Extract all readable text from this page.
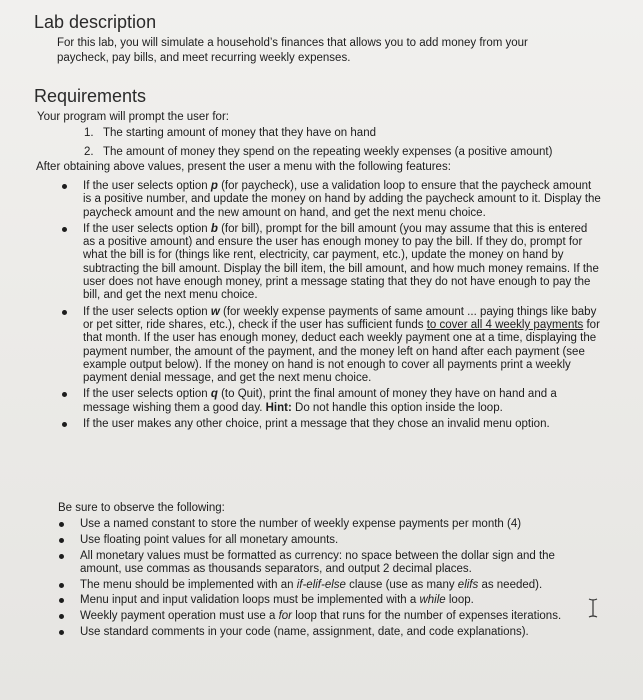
Lab description
For this lab, you will simulate a household’s finances that allows you to add money from your paycheck, pay bills, and meet recurring weekly expenses.
Requirements
Your program will prompt the user for:
1. The starting amount of money that they have on hand
2. The amount of money they spend on the repeating weekly expenses (a positive amount)
After obtaining above values, present the user a menu with the following features:
If the user selects option p (for paycheck), use a validation loop to ensure that the paycheck amount is a positive number, and update the money on hand by adding the paycheck amount to it. Display the paycheck amount and the new amount on hand, and get the next menu choice.
If the user selects option b (for bill), prompt for the bill amount (you may assume that this is entered as a positive amount) and ensure the user has enough money to pay the bill. If they do, prompt for what the bill is for (things like rent, electricity, car payment, etc.), update the money on hand by subtracting the bill amount. Display the bill item, the bill amount, and how much money remains. If the user does not have enough money, print a message stating that they do not have enough to pay the bill, and get the next menu choice.
If the user selects option w (for weekly expense payments of same amount ... paying things like baby or pet sitter, ride shares, etc.), check if the user has sufficient funds to cover all 4 weekly payments for that month. If the user has enough money, deduct each weekly payment one at a time, displaying the payment number, the amount of the payment, and the money left on hand after each payment (see example output below). If the money on hand is not enough to cover all payments print a weekly payment denial message, and get the next menu choice.
If the user selects option q (to Quit), print the final amount of money they have on hand and a message wishing them a good day. Hint: Do not handle this option inside the loop.
If the user makes any other choice, print a message that they chose an invalid menu option.
Be sure to observe the following:
Use a named constant to store the number of weekly expense payments per month (4)
Use floating point values for all monetary amounts.
All monetary values must be formatted as currency: no space between the dollar sign and the amount, use commas as thousands separators, and output 2 decimal places.
The menu should be implemented with an if-elif-else clause (use as many elifs as needed).
Menu input and input validation loops must be implemented with a while loop.
Weekly payment operation must use a for loop that runs for the number of expenses iterations.
Use standard comments in your code (name, assignment, date, and code explanations).
